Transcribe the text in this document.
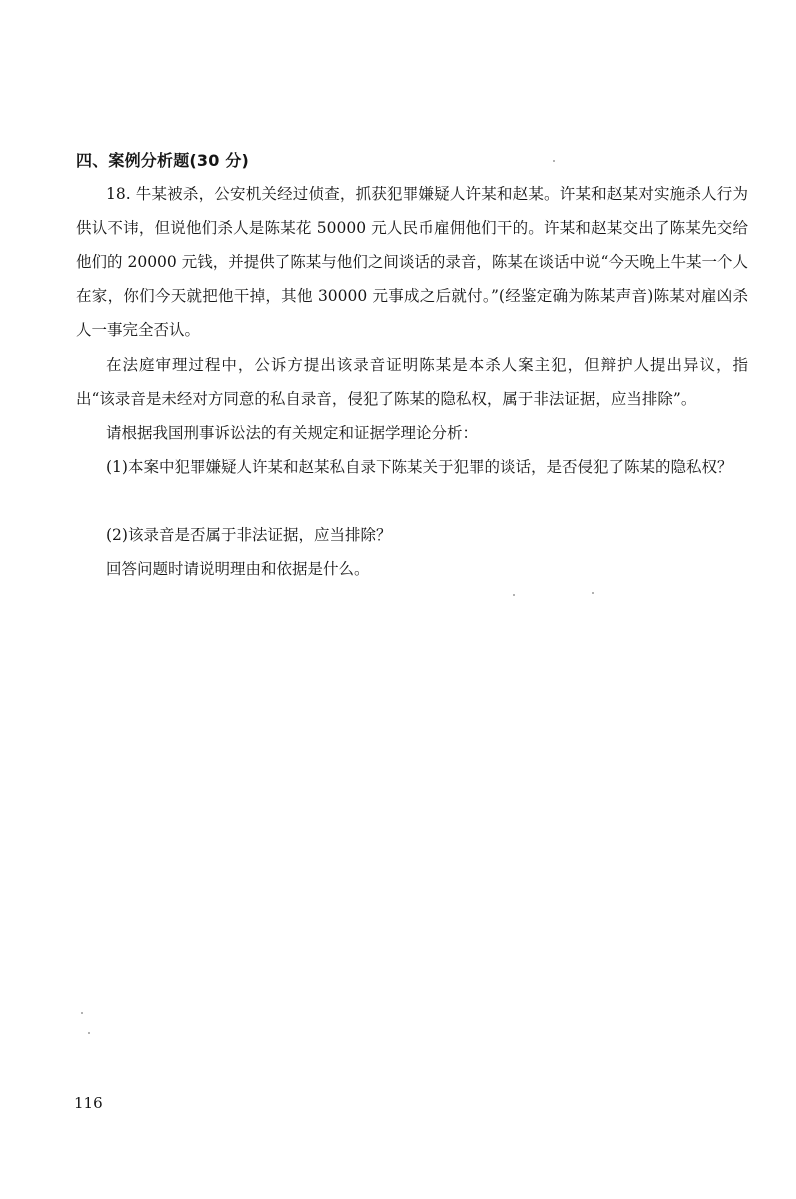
四、案例分析题(30 分)
18. 牛某被杀，公安机关经过侦查，抓获犯罪嫌疑人许某和赵某。许某和赵某对实施杀人行为供认不讳，但说他们杀人是陈某花 50000 元人民币雇佣他们干的。许某和赵某交出了陈某先交给他们的 20000 元钱，并提供了陈某与他们之间谈话的录音，陈某在谈话中说“今天晚上牛某一个人在家，你们今天就把他干掉，其他 30000 元事成之后就付。”(经鉴定确为陈某声音)陈某对雇凶杀人一事完全否认。
在法庭审理过程中，公诉方提出该录音证明陈某是本杀人案主犯，但辩护人提出异议，指出“该录音是未经对方同意的私自录音，侵犯了陈某的隐私权，属于非法证据，应当排除”。
请根据我国刑事诉讼法的有关规定和证据学理论分析：
(1)本案中犯罪嫌疑人许某和赵某私自录下陈某关于犯罪的谈话，是否侵犯了陈某的隐私权？
(2)该录音是否属于非法证据，应当排除？
回答问题时请说明理由和依据是什么。
116
